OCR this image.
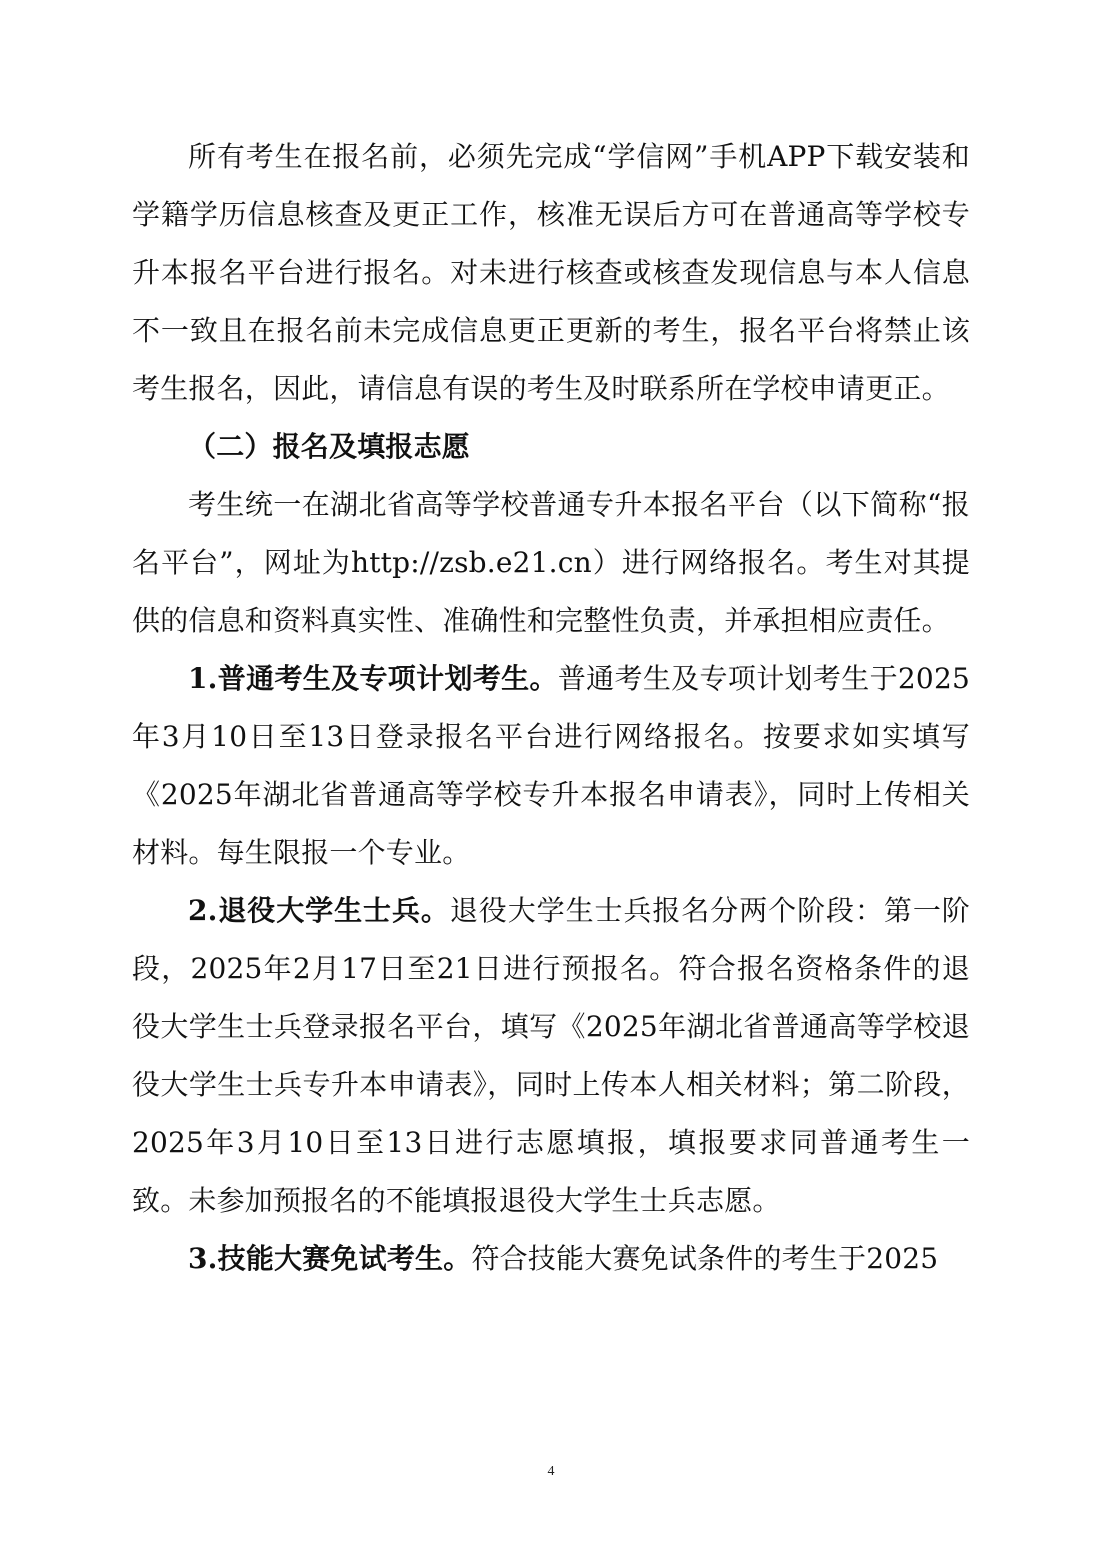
所有考生在报名前，必须先完成“学信网”手机APP下载安装和学籍学历信息核查及更正工作，核准无误后方可在普通高等学校专升本报名平台进行报名。对未进行核查或核查发现信息与本人信息不一致且在报名前未完成信息更正更新的考生，报名平台将禁止该考生报名，因此，请信息有误的考生及时联系所在学校申请更正。

（二）报名及填报志愿

考生统一在湖北省高等学校普通专升本报名平台（以下简称“报名平台”，网址为http://zsb.e21.cn）进行网络报名。考生对其提供的信息和资料真实性、准确性和完整性负责，并承担相应责任。

1.普通考生及专项计划考生。普通考生及专项计划考生于2025年3月10日至13日登录报名平台进行网络报名。按要求如实填写《2025年湖北省普通高等学校专升本报名申请表》，同时上传相关材料。每生限报一个专业。

2.退役大学生士兵。退役大学生士兵报名分两个阶段：第一阶段，2025年2月17日至21日进行预报名。符合报名资格条件的退役大学生士兵登录报名平台，填写《2025年湖北省普通高等学校退役大学生士兵专升本申请表》，同时上传本人相关材料；第二阶段，2025年3月10日至13日进行志愿填报，填报要求同普通考生一致。未参加预报名的不能填报退役大学生士兵志愿。

3.技能大赛免试考生。符合技能大赛免试条件的考生于2025

4
